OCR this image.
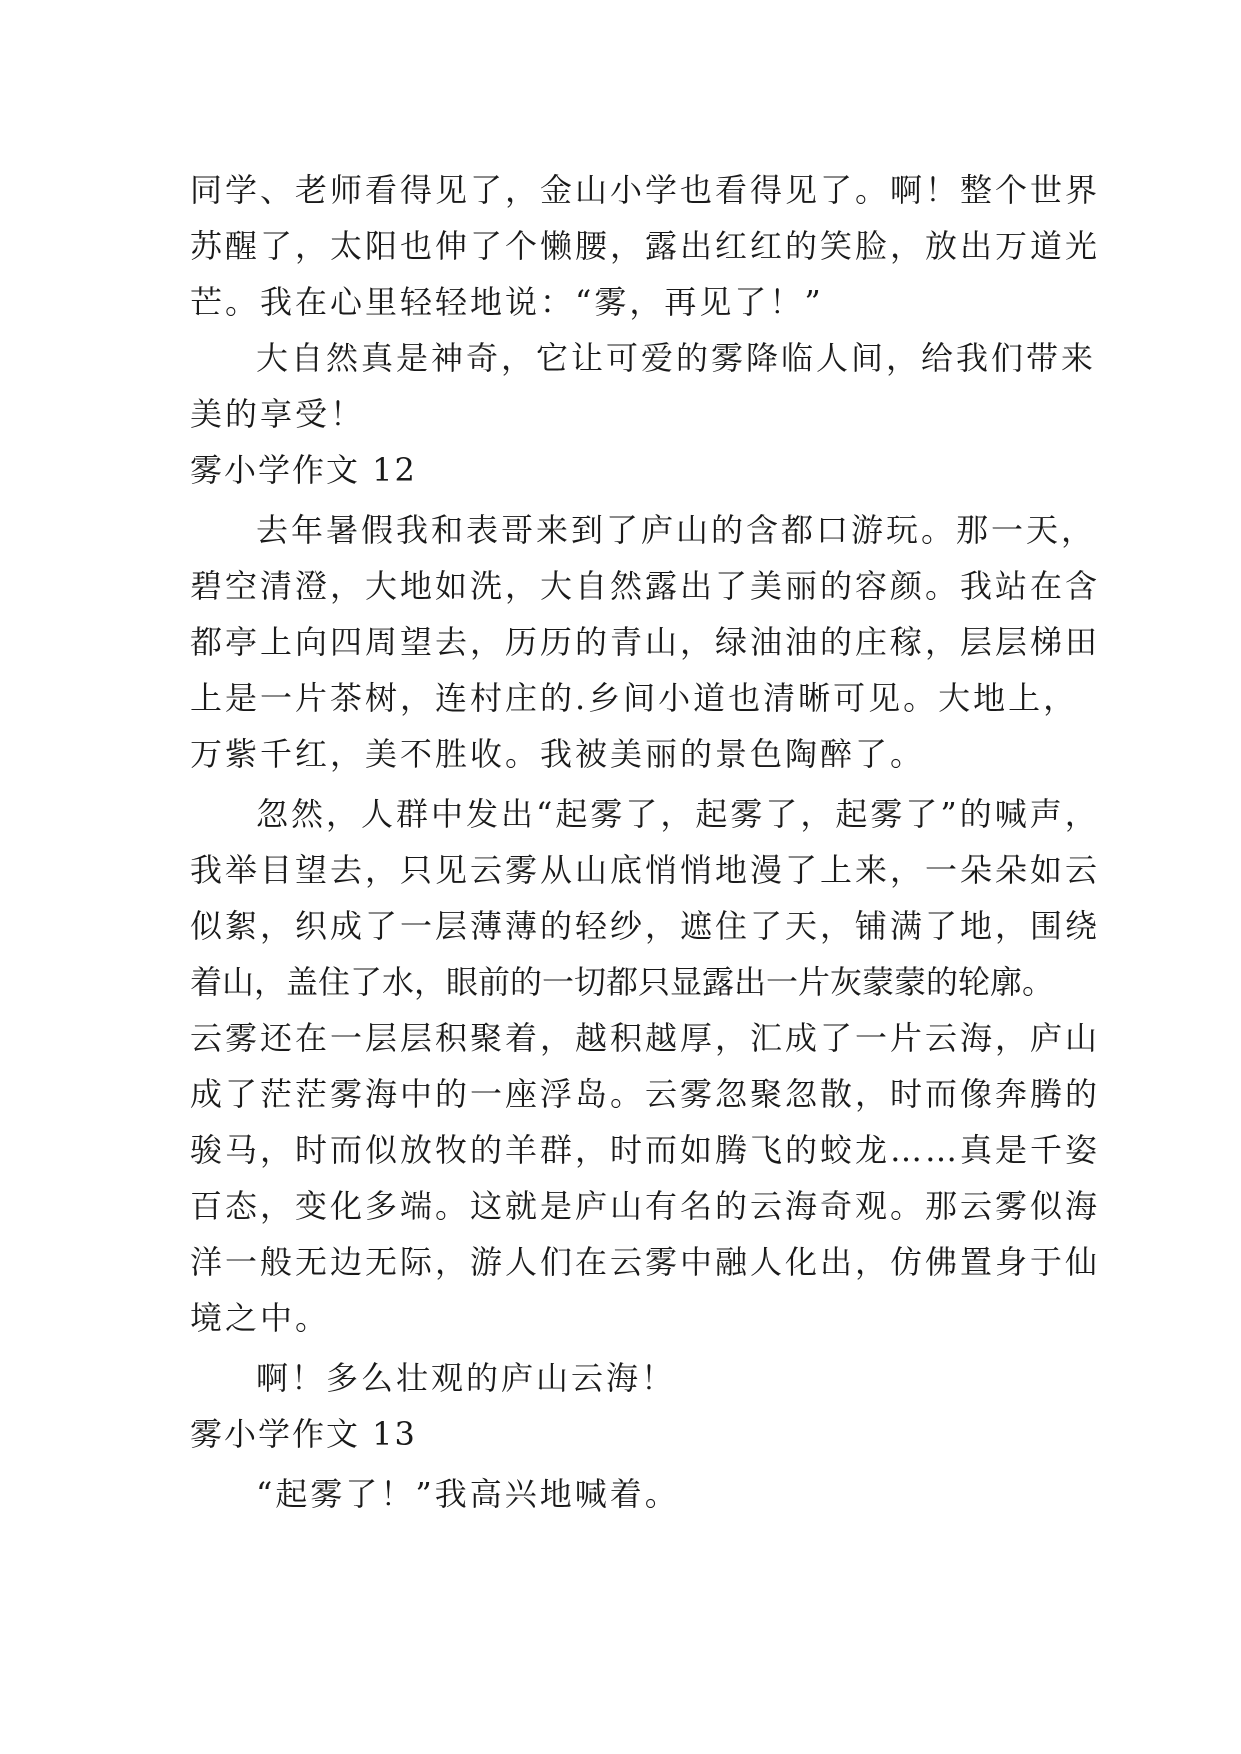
同学、老师看得见了，金山小学也看得见了。啊！整个世界
苏醒了，太阳也伸了个懒腰，露出红红的笑脸，放出万道光
芒。我在心里轻轻地说：“雾，再见了！”
大自然真是神奇，它让可爱的雾降临人间，给我们带来
美的享受！
雾小学作文 12
去年暑假我和表哥来到了庐山的含都口游玩。那一天，
碧空清澄，大地如洗，大自然露出了美丽的容颜。我站在含
都亭上向四周望去，历历的青山，绿油油的庄稼，层层梯田
上是一片茶树，连村庄的.乡间小道也清晰可见。大地上，
万紫千红，美不胜收。我被美丽的景色陶醉了。
忽然，人群中发出“起雾了，起雾了，起雾了”的喊声，
我举目望去，只见云雾从山底悄悄地漫了上来，一朵朵如云
似絮，织成了一层薄薄的轻纱，遮住了天，铺满了地，围绕
着山，盖住了水，眼前的一切都只显露出一片灰蒙蒙的轮廓。
云雾还在一层层积聚着，越积越厚，汇成了一片云海，庐山
成了茫茫雾海中的一座浮岛。云雾忽聚忽散，时而像奔腾的
骏马，时而似放牧的羊群，时而如腾飞的蛟龙……真是千姿
百态，变化多端。这就是庐山有名的云海奇观。那云雾似海
洋一般无边无际，游人们在云雾中融人化出，仿佛置身于仙
境之中。
啊！多么壮观的庐山云海！
雾小学作文 13
“起雾了！”我高兴地喊着。
